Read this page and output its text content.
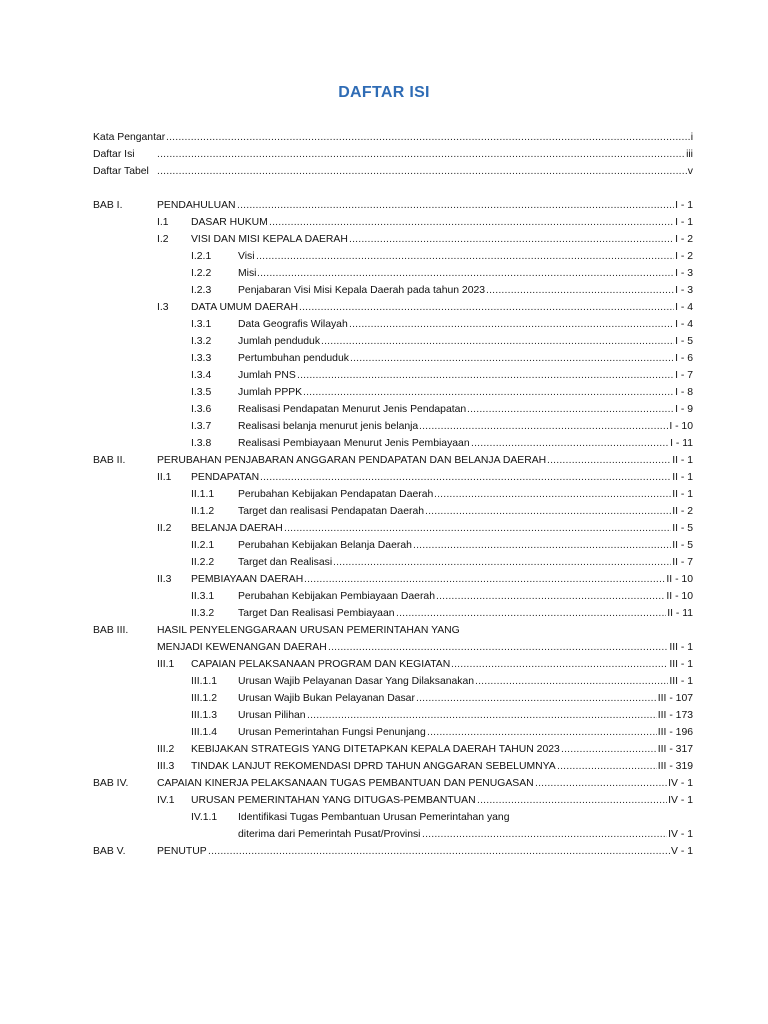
DAFTAR ISI
Kata Pengantar .....	i
Daftar Isi .....	iii
Daftar Tabel .....	v
BAB I.	PENDAHULUAN .....	I - 1
I.1 DASAR HUKUM .....	I - 1
I.2 VISI DAN MISI KEPALA DAERAH .....	I - 2
I.2.1	Visi .....	I - 2
I.2.2	Misi .....	I - 3
I.2.3	Penjabaran Visi Misi Kepala Daerah pada tahun 2023 .....	I - 3
I.3 DATA UMUM DAERAH .....	I - 4
I.3.1	Data Geografis Wilayah .....	I - 4
I.3.2	Jumlah penduduk .....	I - 5
I.3.3	Pertumbuhan penduduk .....	I - 6
I.3.4	Jumlah PNS .....	I - 7
I.3.5	Jumlah PPPK .....	I - 8
I.3.6	Realisasi Pendapatan Menurut Jenis Pendapatan .....	I - 9
I.3.7	Realisasi belanja menurut jenis belanja .....	I - 10
I.3.8	Realisasi Pembiayaan Menurut Jenis Pembiayaan .....	I - 11
BAB II.	PERUBAHAN PENJABARAN ANGGARAN PENDAPATAN DAN BELANJA DAERAH .....	II - 1
II.1 PENDAPATAN .....	II - 1
II.1.1 Perubahan Kebijakan Pendapatan Daerah .....	II - 1
II.1.2 Target dan realisasi Pendapatan Daerah .....	II - 2
II.2 BELANJA DAERAH .....	II - 5
II.2.1 Perubahan Kebijakan Belanja Daerah .....	II - 5
II.2.2 Target dan Realisasi .....	II - 7
II.3 PEMBIAYAAN DAERAH .....	II - 10
II.3.1 Perubahan Kebijakan Pembiayaan Daerah .....	II - 10
II.3.2 Target Dan Realisasi Pembiayaan .....	II - 11
BAB III.	HASIL PENYELENGGARAAN URUSAN PEMERINTAHAN YANG
MENJADI KEWENANGAN DAERAH .....	III - 1
III.1 CAPAIAN PELAKSANAAN PROGRAM DAN KEGIATAN .....	III - 1
III.1.1 Urusan Wajib Pelayanan Dasar Yang Dilaksanakan .....	III - 1
III.1.2 Urusan Wajib Bukan Pelayanan Dasar .....	III - 107
III.1.3 Urusan Pilihan .....	III - 173
III.1.4 Urusan Pemerintahan Fungsi Penunjang .....	III - 196
III.2 KEBIJAKAN STRATEGIS YANG DITETAPKAN KEPALA DAERAH TAHUN 2023 .....	III - 317
III.3 TINDAK LANJUT REKOMENDASI DPRD TAHUN ANGGARAN SEBELUMNYA .....	III - 319
BAB IV.	CAPAIAN KINERJA PELAKSANAAN TUGAS PEMBANTUAN DAN PENUGASAN .....	IV - 1
IV.1 URUSAN PEMERINTAHAN YANG DITUGAS-PEMBANTUAN .....	IV - 1
IV.1.1 Identifikasi Tugas Pembantuan Urusan Pemerintahan yang
diterima dari Pemerintah Pusat/Provinsi .....	IV - 1
BAB V.	PENUTUP .....	V - 1
